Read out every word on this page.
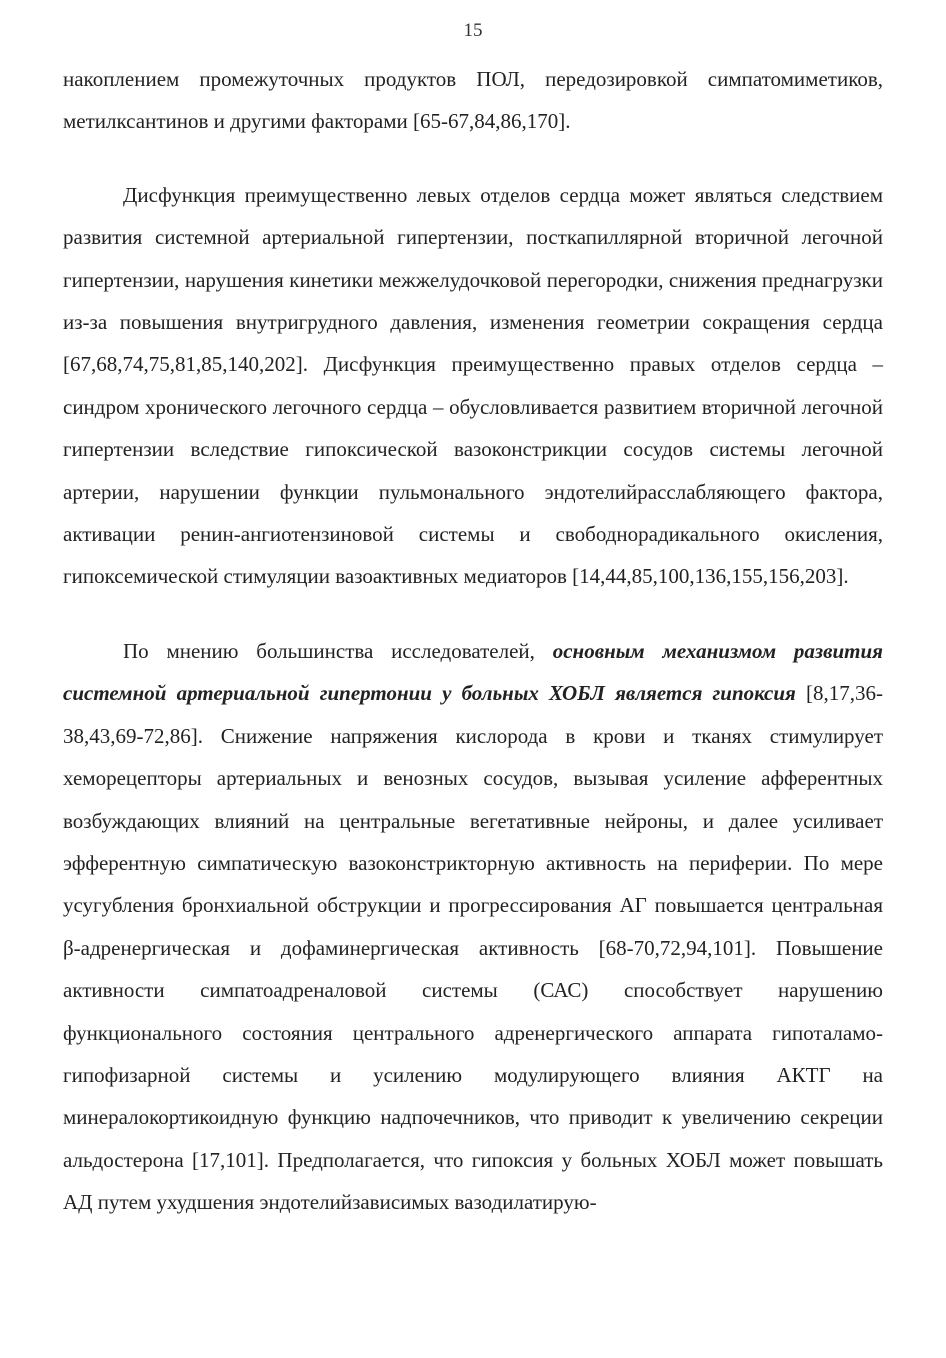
15

накоплением промежуточных продуктов ПОЛ, передозировкой симпатомиметиков, метилксантинов и другими факторами [65-67,84,86,170].

Дисфункция преимущественно левых отделов сердца может являться следствием развития системной артериальной гипертензии, посткапиллярной вторичной легочной гипертензии, нарушения кинетики межжелудочковой перегородки, снижения преднагрузки из-за повышения внутригрудного давления, изменения геометрии сокращения сердца [67,68,74,75,81,85,140,202]. Дисфункция преимущественно правых отделов сердца – синдром хронического легочного сердца – обусловливается развитием вторичной легочной гипертензии вследствие гипоксической вазоконстрикции сосудов системы легочной артерии, нарушении функции пульмонального эндотелийрасслабляющего фактора, активации ренин-ангиотензиновой системы и свободнорадикального окисления, гипоксемической стимуляции вазоактивных медиаторов [14,44,85,100,136,155,156,203].

По мнению большинства исследователей, основным механизмом развития системной артериальной гипертонии у больных ХОБЛ является гипоксия [8,17,36-38,43,69-72,86]. Снижение напряжения кислорода в крови и тканях стимулирует хеморецепторы артериальных и венозных сосудов, вызывая усиление афферентных возбуждающих влияний на центральные вегетативные нейроны, и далее усиливает эфферентную симпатическую вазоконстрикторную активность на периферии. По мере усугубления бронхиальной обструкции и прогрессирования АГ повышается центральная β-адренергическая и дофаминергическая активность [68-70,72,94,101]. Повышение активности симпатоадреналовой системы (САС) способствует нарушению функционального состояния центрального адренергического аппарата гипоталамо-гипофизарной системы и усилению модулирующего влияния АКТГ на минералокортикоидную функцию надпочечников, что приводит к увеличению секреции альдостерона [17,101]. Предполагается, что гипоксия у больных ХОБЛ может повышать АД путем ухудшения эндотелийзависимых вазодилатирую-
